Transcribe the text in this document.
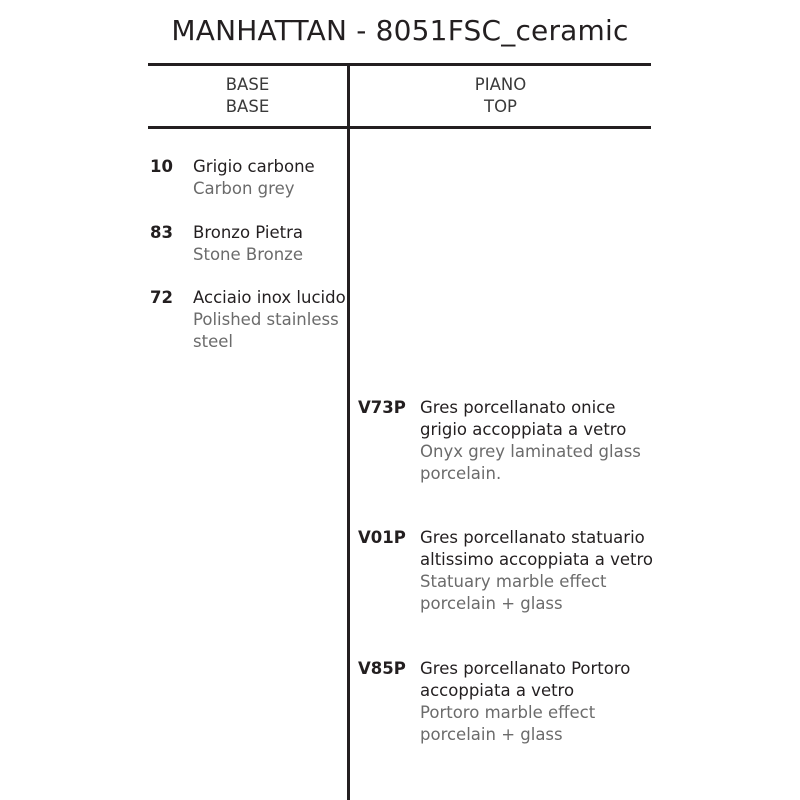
MANHATTAN - 8051FSC_ceramic
BASE
BASE
PIANO
TOP
10 Grigio carbone
Carbon grey
83 Bronzo Pietra
Stone Bronze
72 Acciaio inox lucido
Polished stainless
steel
V73P Gres porcellanato onice
grigio accoppiata a vetro
Onyx grey laminated glass
porcelain.
V01P Gres porcellanato statuario
altissimo accoppiata a vetro
Statuary marble effect
porcelain + glass
V85P Gres porcellanato Portoro
accoppiata a vetro
Portoro marble effect
porcelain + glass
